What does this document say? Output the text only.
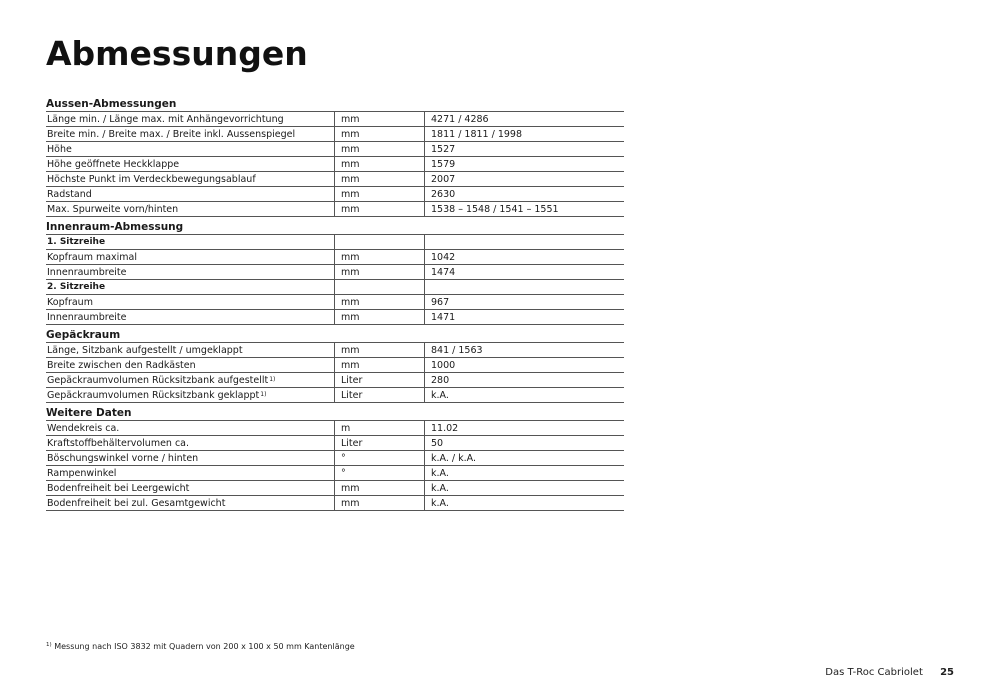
Abmessungen
Aussen-Abmessungen		
Länge min. / Länge max. mit Anhängevorrichtung	mm	4271 / 4286
Breite min. / Breite max. / Breite inkl. Aussenspiegel	mm	1811 / 1811 / 1998
Höhe	mm	1527
Höhe geöffnete Heckklappe	mm	1579
Höchste Punkt im Verdeckbewegungsablauf	mm	2007
Radstand	mm	2630
Max. Spurweite vorn/hinten	mm	1538 – 1548 / 1541 – 1551
Innenraum-Abmessung		
1. Sitzreihe		
Kopfraum maximal	mm	1042
Innenraumbreite	mm	1474
2. Sitzreihe		
Kopfraum	mm	967
Innenraumbreite	mm	1471
Gepäckraum		
Länge, Sitzbank aufgestellt / umgeklappt	mm	841 / 1563
Breite zwischen den Radkästen	mm	1000
Gepäckraumvolumen Rücksitzbank aufgestellt$^{1)}$	Liter	280
Gepäckraumvolumen Rücksitzbank geklappt$^{1)}$	Liter	k.A.
Weitere Daten		
Wendekreis ca.	m	11.02
Kraftstoffbehältervolumen ca.	Liter	50
Böschungswinkel vorne / hinten	°	k.A. / k.A.
Rampenwinkel	°	k.A.
Bodenfreiheit bei Leergewicht	mm	k.A.
Bodenfreiheit bei zul. Gesamtgewicht	mm	k.A.
$^{1)}$ Messung nach ISO 3832 mit Quadern von 200 x 100 x 50 mm Kantenlänge
Das T-Roc Cabriolet 25
